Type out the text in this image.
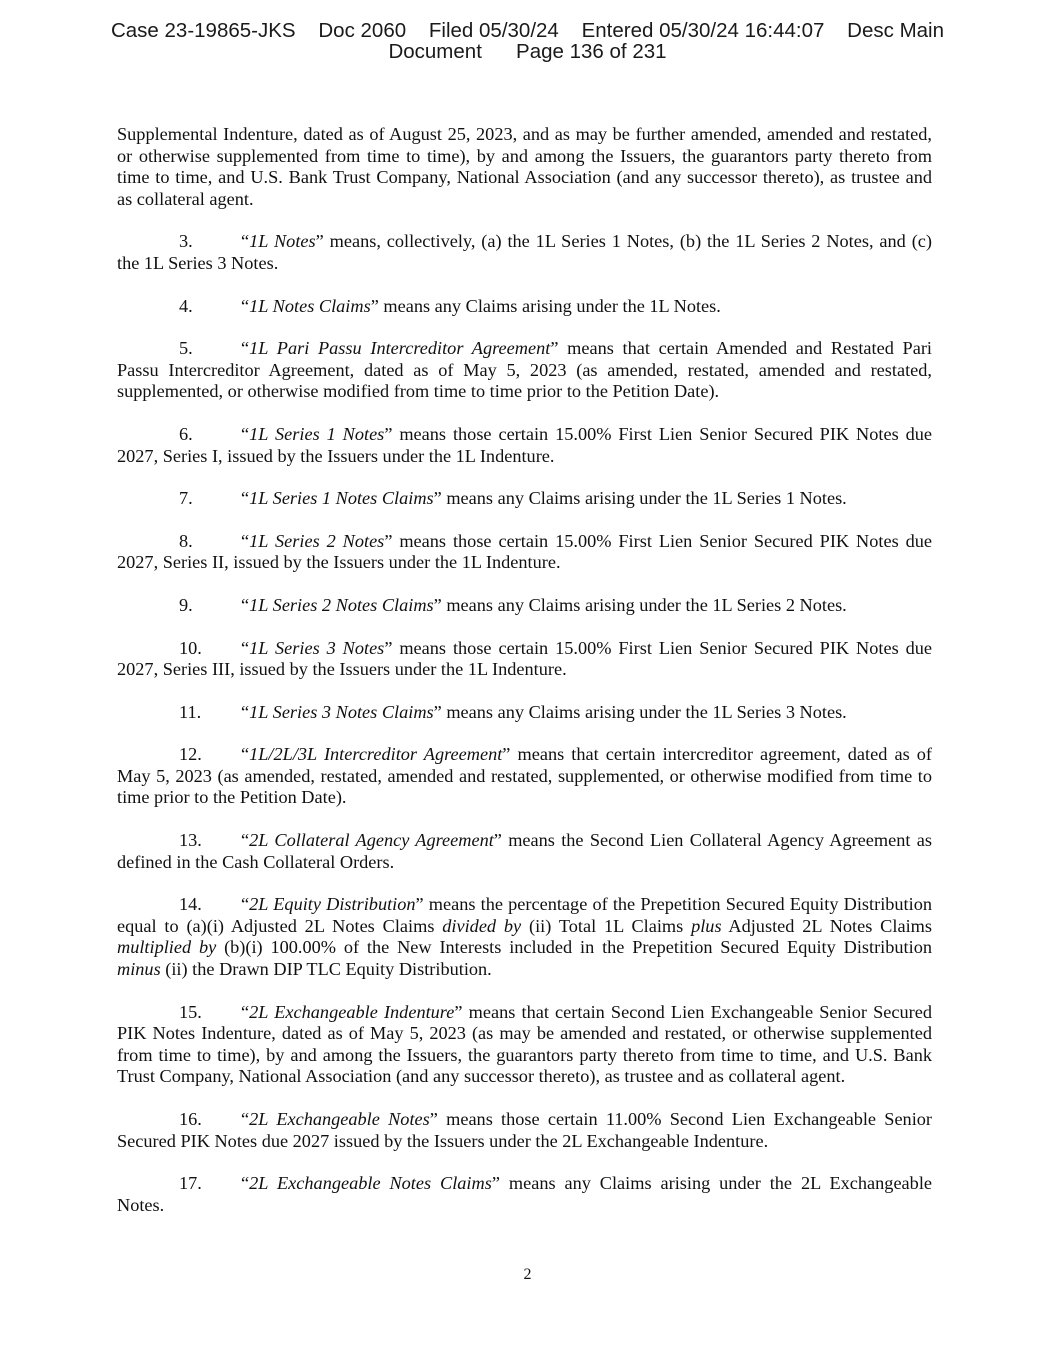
Case 23-19865-JKS    Doc 2060    Filed 05/30/24    Entered 05/30/24 16:44:07    Desc Main
Document      Page 136 of 231

Supplemental Indenture, dated as of August 25, 2023, and as may be further amended, amended and restated, or otherwise supplemented from time to time), by and among the Issuers, the guarantors party thereto from time to time, and U.S. Bank Trust Company, National Association (and any successor thereto), as trustee and as collateral agent.

3.	“1L Notes” means, collectively, (a) the 1L Series 1 Notes, (b) the 1L Series 2 Notes, and (c) the 1L Series 3 Notes.

4.	“1L Notes Claims” means any Claims arising under the 1L Notes.

5.	“1L Pari Passu Intercreditor Agreement” means that certain Amended and Restated Pari Passu Intercreditor Agreement, dated as of May 5, 2023 (as amended, restated, amended and restated, supplemented, or otherwise modified from time to time prior to the Petition Date).

6.	“1L Series 1 Notes” means those certain 15.00% First Lien Senior Secured PIK Notes due 2027, Series I, issued by the Issuers under the 1L Indenture.

7.	“1L Series 1 Notes Claims” means any Claims arising under the 1L Series 1 Notes.

8.	“1L Series 2 Notes” means those certain 15.00% First Lien Senior Secured PIK Notes due 2027, Series II, issued by the Issuers under the 1L Indenture.

9.	“1L Series 2 Notes Claims” means any Claims arising under the 1L Series 2 Notes.

10. “1L Series 3 Notes” means those certain 15.00% First Lien Senior Secured PIK Notes due 2027, Series III, issued by the Issuers under the 1L Indenture.

11. “1L Series 3 Notes Claims” means any Claims arising under the 1L Series 3 Notes.

12. “1L/2L/3L Intercreditor Agreement” means that certain intercreditor agreement, dated as of May 5, 2023 (as amended, restated, amended and restated, supplemented, or otherwise modified from time to time prior to the Petition Date).

13. “2L Collateral Agency Agreement” means the Second Lien Collateral Agency Agreement as defined in the Cash Collateral Orders.

14. “2L Equity Distribution” means the percentage of the Prepetition Secured Equity Distribution equal to (a)(i) Adjusted 2L Notes Claims divided by (ii) Total 1L Claims plus Adjusted 2L Notes Claims multiplied by (b)(i) 100.00% of the New Interests included in the Prepetition Secured Equity Distribution minus (ii) the Drawn DIP TLC Equity Distribution.

15. “2L Exchangeable Indenture” means that certain Second Lien Exchangeable Senior Secured PIK Notes Indenture, dated as of May 5, 2023 (as may be amended and restated, or otherwise supplemented from time to time), by and among the Issuers, the guarantors party thereto from time to time, and U.S. Bank Trust Company, National Association (and any successor thereto), as trustee and as collateral agent.

16. “2L Exchangeable Notes” means those certain 11.00% Second Lien Exchangeable Senior Secured PIK Notes due 2027 issued by the Issuers under the 2L Exchangeable Indenture.

17. “2L Exchangeable Notes Claims” means any Claims arising under the 2L Exchangeable Notes.

2
